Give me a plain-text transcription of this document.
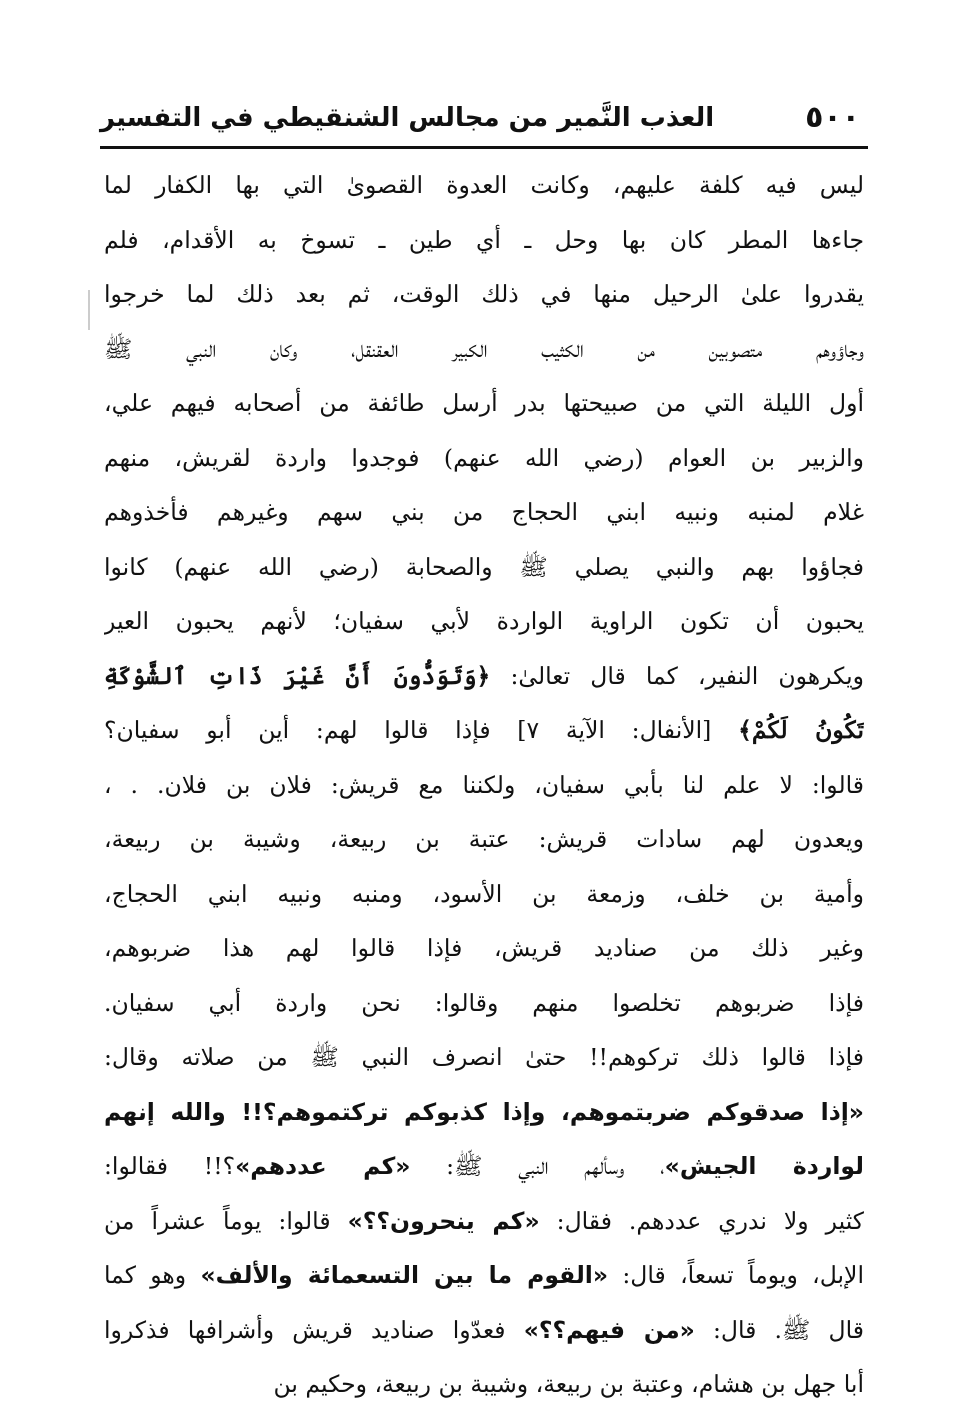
٥٠٠
العذب النَّمير من مجالس الشنقيطي في التفسير
ليس فيه كلفة عليهم، وكانت العدوة القصوىٰ التي بها الكفار لما
جاءها المطر كان بها وحل ـ أي طين ـ تسوخ به الأقدام، فلم
يقدروا علىٰ الرحيل منها في ذلك الوقت، ثم بعد ذلك لما خرجوا
وجاؤوهم متصوبين من الكثيب الكبير العقنقل، وكان النبي ﷺ
أول الليلة التي من صبيحتها بدر أرسل طائفة من أصحابه فيهم علي،
والزبير بن العوام (رضي الله عنهم) فوجدوا واردة لقريش، منهم
غلام لمنبه ونبيه ابني الحجاج من بني سهم وغيرهم فأخذوهم
فجاؤوا بهم والنبي يصلي ﷺ والصحابة (رضي الله عنهم) كانوا
يحبون أن تكون الراوية الواردة لأبي سفيان؛ لأنهم يحبون العير
ويكرهون النفير، كما قال تعالىٰ: ﴿وَتَوَدُّونَ أَنَّ غَيْرَ ذَاتِ ٱلشَّوْكَةِ
تَكُونُ لَكُمْ﴾ [الأنفال: الآية ٧] فإذا قالوا لهم: أين أبو سفيان؟
قالوا: لا علم لنا بأبي سفيان، ولكننا مع قريش: فلان بن فلان. . ،
ويعدون لهم سادات قريش: عتبة بن ربيعة، وشيبة بن ربيعة،
وأمية بن خلف، وزمعة بن الأسود، ومنبه ونبيه ابني الحجاج،
وغير ذلك من صناديد قريش، فإذا قالوا لهم هذا ضربوهم،
فإذا ضربوهم تخلصوا منهم وقالوا: نحن واردة أبي سفيان.
فإذا قالوا ذلك تركوهم!! حتىٰ انصرف النبي ﷺ من صلاته وقال:
«إذا صدقوكم ضربتموهم، وإذا كذبوكم تركتموهم؟!! والله إنهم
لواردة الجيش»، وسألهم النبي ﷺ: «كم عددهم»؟!! فقالوا:
كثير ولا ندري عددهم. فقال: «كم ينحرون؟؟» قالوا: يوماً عشراً من
الإبل، ويوماً تسعاً، قال: «القوم ما بين التسعمائة والألف» وهو كما
قال ﷺ. قال: «من فيهم؟؟» فعدّوا صناديد قريش وأشرافها فذكروا
أبا جهل بن هشام، وعتبة بن ربيعة، وشيبة بن ربيعة، وحكيم بن
